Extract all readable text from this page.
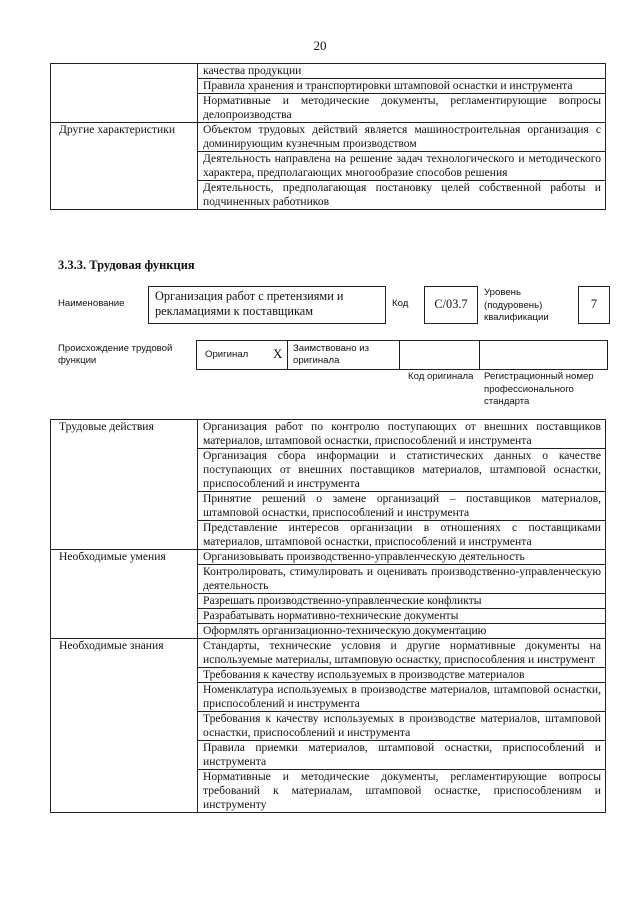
20
	качества продукции
	Правила хранения и транспортировки штамповой оснастки и инструмента
	Нормативные и методические документы, регламентирующие вопросы делопроизводства
Другие характеристики	Объектом трудовых действий является машиностроительная организация с доминирующим кузнечным производством
	Деятельность направлена на решение задач технологического и методического характера, предполагающих многообразие способов решения
	Деятельность, предполагающая постановку целей собственной работы и подчиненных работников
3.3.3. Трудовая функция
Наименование
Организация работ с претензиями и рекламациями к поставщикам
Код	С/03.7
Уровень (подуровень) квалификации
7
Происхождение трудовой функции	Оригинал X Заимствовано из оригинала
Код оригинала Регистрационный номер профессионального стандарта
Трудовые действия	Организация работ по контролю поступающих от внешних поставщиков материалов, штамповой оснастки, приспособлений и инструмента
	Организация сбора информации и статистических данных о качестве поступающих от внешних поставщиков материалов, штамповой оснастки, приспособлений и инструмента
	Принятие решений о замене организаций – поставщиков материалов, штамповой оснастки, приспособлений и инструмента
	Представление интересов организации в отношениях с поставщиками материалов, штамповой оснастки, приспособлений и инструмента
Необходимые умения	Организовывать производственно-управленческую деятельность
	Контролировать, стимулировать и оценивать производственно-управленческую деятельность
	Разрешать производственно-управленческие конфликты
	Разрабатывать нормативно-технические документы
	Оформлять организационно-техническую документацию
Необходимые знания	Стандарты, технические условия и другие нормативные документы на используемые материалы, штамповую оснастку, приспособления и инструмент
	Требования к качеству используемых в производстве материалов
	Номенклатура используемых в производстве материалов, штамповой оснастки, приспособлений и инструмента
	Требования к качеству используемых в производстве материалов, штамповой оснастки, приспособлений и инструмента
	Правила приемки материалов, штамповой оснастки, приспособлений и инструмента
	Нормативные и методические документы, регламентирующие вопросы требований к материалам, штамповой оснастке, приспособлениям и инструменту
